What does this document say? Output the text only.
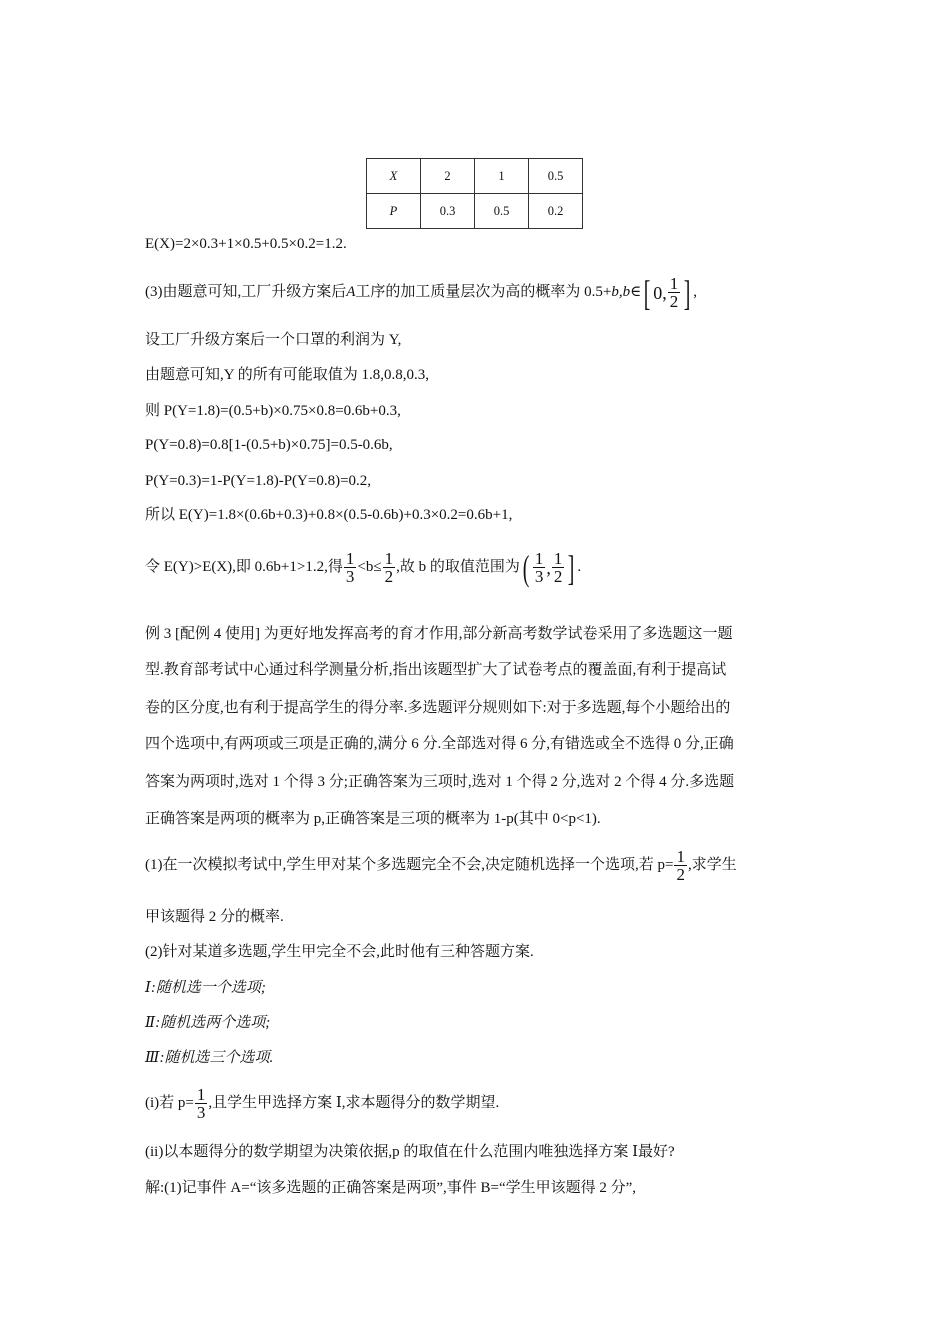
X	2	1	0.5
P	0.3	0.5	0.2
E(X)=2×0.3+1×0.5+0.5×0.2=1.2.
(3)由题意可知,工厂升级方案后A工序的加工质量层次为高的概率为 0.5+b,b∈[ 0, $\frac{1}{2}$ ] ,
设工厂升级方案后一个口罩的利润为 Y,
由题意可知,Y 的所有可能取值为 1.8,0.8,0.3,
则 P(Y=1.8)=(0.5+b)×0.75×0.8=0.6b+0.3,
P(Y=0.8)=0.8[1-(0.5+b)×0.75]=0.5-0.6b,
P(Y=0.3)=1-P(Y=1.8)-P(Y=0.8)=0.2,
所以 E(Y)=1.8×(0.6b+0.3)+0.8×(0.5-0.6b)+0.3×0.2=0.6b+1,
令 E(Y)>E(X),即 0.6b+1>1.2,得 $\frac{1}{3} <b\le \frac{1}{2}$ ,故 b 的取值范围为( $\frac{1}{3}$ , $\frac{1}{2}$ ] .
例 3 [配例 4 使用] 为更好地发挥高考的育才作用,部分新高考数学试卷采用了多选题这一题
型.教育部考试中心通过科学测量分析,指出该题型扩大了试卷考点的覆盖面,有利于提高试
卷的区分度,也有利于提高学生的得分率.多选题评分规则如下:对于多选题,每个小题给出的
四个选项中,有两项或三项是正确的,满分 6 分.全部选对得 6 分,有错选或全不选得 0 分,正确
答案为两项时,选对 1 个得 3 分;正确答案为三项时,选对 1 个得 2 分,选对 2 个得 4 分.多选题
正确答案是两项的概率为 p,正确答案是三项的概率为 1-p(其中 0<p<1).
(1)在一次模拟考试中,学生甲对某个多选题完全不会,决定随机选择一个选项,若 $p= \frac{1}{2}$ ,求学生
甲该题得 2 分的概率.
(2)针对某道多选题,学生甲完全不会,此时他有三种答题方案.
Ⅰ:随机选一个选项;
Ⅱ:随机选两个选项;
Ⅲ:随机选三个选项.
(i)若 $p= \frac{1}{3}$ ,且学生甲选择方案 Ⅰ,求本题得分的数学期望.
(ii)以本题得分的数学期望为决策依据,p 的取值在什么范围内唯独选择方案 Ⅰ最好?
解:(1)记事件 A=“该多选题的正确答案是两项”,事件 B=“学生甲该题得 2 分”,
